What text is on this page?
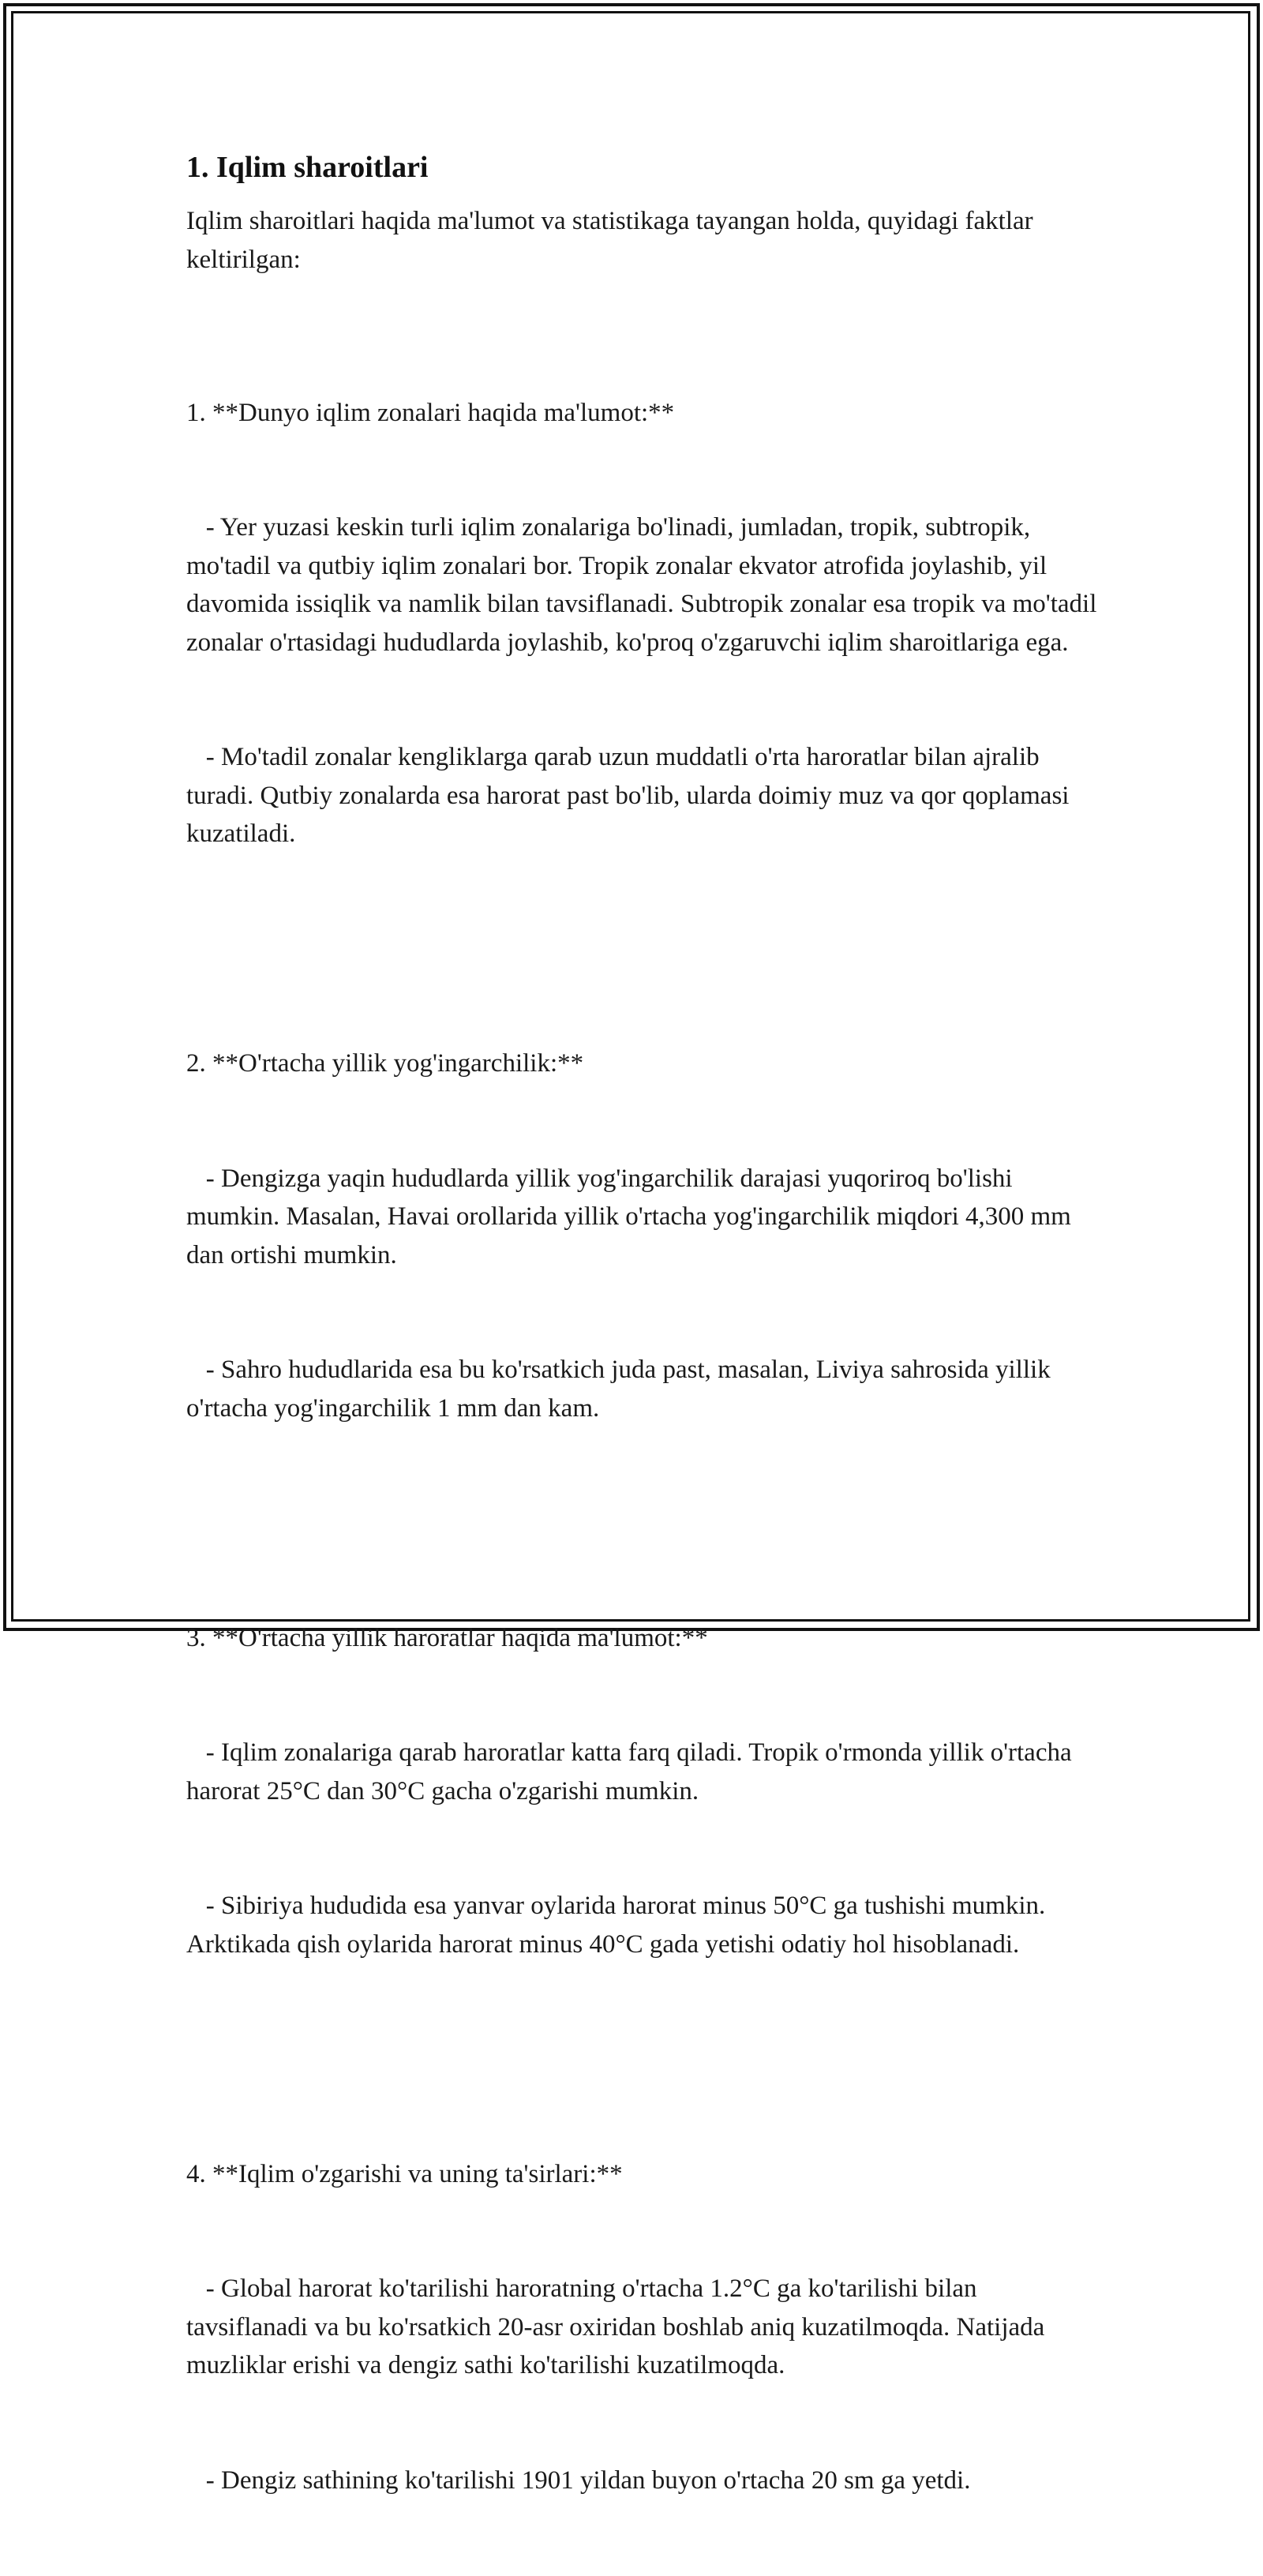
1. Iqlim sharoitlari

Iqlim sharoitlari haqida ma'lumot va statistikaga tayangan holda, quyidagi faktlar keltirilgan:

1. **Dunyo iqlim zonalari haqida ma'lumot:**

- Yer yuzasi keskin turli iqlim zonalariga bo'linadi, jumladan, tropik, subtropik, mo'tadil va qutbiy iqlim zonalari bor. Tropik zonalar ekvator atrofida joylashib, yil davomida issiqlik va namlik bilan tavsiflanadi. Subtropik zonalar esa tropik va mo'tadil zonalar o'rtasidagi hududlarda joylashib, ko'proq o'zgaruvchi iqlim sharoitlariga ega.

- Mo'tadil zonalar kengliklarga qarab uzun muddatli o'rta haroratlar bilan ajralib turadi. Qutbiy zonalarda esa harorat past bo'lib, ularda doimiy muz va qor qoplamasi kuzatiladi.

2. **O'rtacha yillik yog'ingarchilik:**

- Dengizga yaqin hududlarda yillik yog'ingarchilik darajasi yuqoriroq bo'lishi mumkin. Masalan, Havai orollarida yillik o'rtacha yog'ingarchilik miqdori 4,300 mm dan ortishi mumkin.

- Sahro hududlarida esa bu ko'rsatkich juda past, masalan, Liviya sahrosida yillik o'rtacha yog'ingarchilik 1 mm dan kam.

3. **O'rtacha yillik haroratlar haqida ma'lumot:**

- Iqlim zonalariga qarab haroratlar katta farq qiladi. Tropik o'rmonda yillik o'rtacha harorat 25°C dan 30°C gacha o'zgarishi mumkin.

- Sibiriya hududida esa yanvar oylarida harorat minus 50°C ga tushishi mumkin. Arktikada qish oylarida harorat minus 40°C gada yetishi odatiy hol hisoblanadi.

4. **Iqlim o'zgarishi va uning ta'sirlari:**

- Global harorat ko'tarilishi haroratning o'rtacha 1.2°C ga ko'tarilishi bilan tavsiflanadi va bu ko'rsatkich 20-asr oxiridan boshlab aniq kuzatilmoqda. Natijada muzliklar erishi va dengiz sathi ko'tarilishi kuzatilmoqda.

- Dengiz sathining ko'tarilishi 1901 yildan buyon o'rtacha 20 sm ga yetdi.
